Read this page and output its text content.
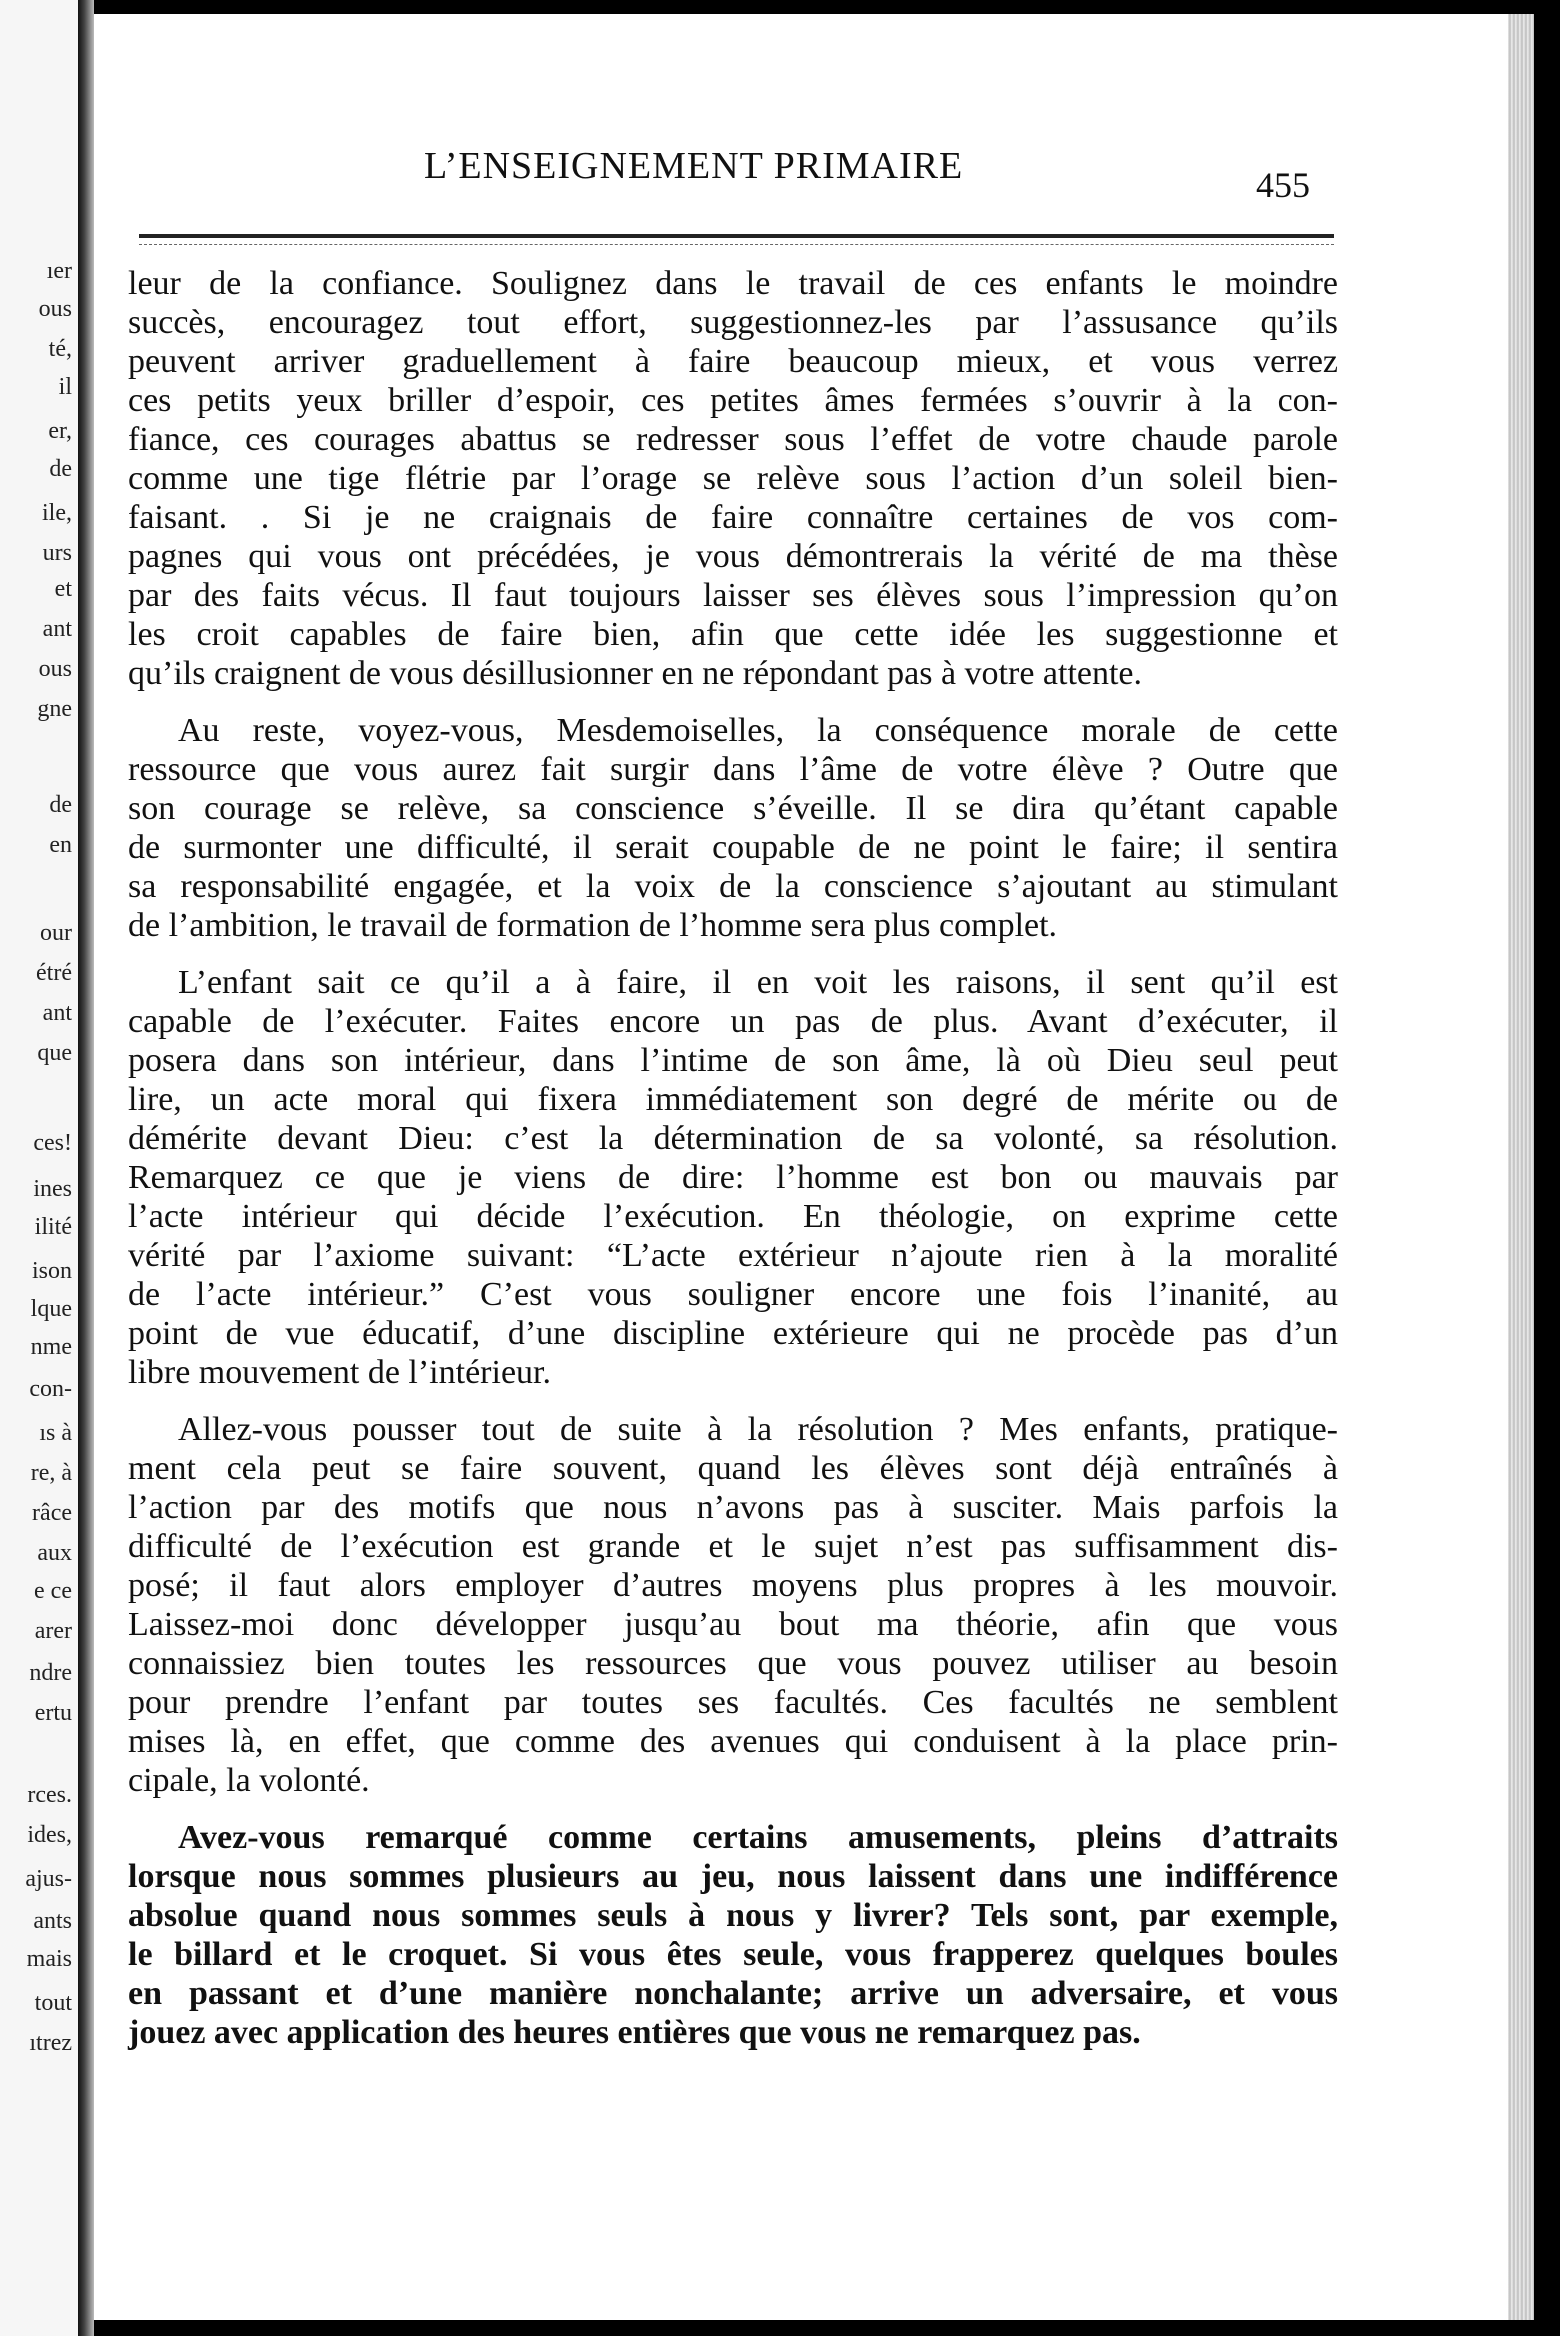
ıer
ous
té,
il
er,
de
ile,
urs
et
ant
ous
gne
de
en
our
étré
ant
que
ces!
ines
ilité
ison
lque
nme
con-
ıs à
re, à
râce
aux
e ce
arer
ndre
ertu
rces.
ides,
ajus-
ants
mais
tout
ıtrez
L’ENSEIGNEMENT PRIMAIRE	455
leur de la confiance. Soulignez dans le travail de ces enfants le moindre
succès, encouragez tout effort, suggestionnez-les par l’assusance qu’ils
peuvent arriver graduellement à faire beaucoup mieux, et vous verrez
ces petits yeux briller d’espoir, ces petites âmes fermées s’ouvrir à la con-
fiance, ces courages abattus se redresser sous l’effet de votre chaude parole
comme une tige flétrie par l’orage se relève sous l’action d’un soleil bien-
faisant. . Si je ne craignais de faire connaître certaines de vos com-
pagnes qui vous ont précédées, je vous démontrerais la vérité de ma thèse
par des faits vécus. Il faut toujours laisser ses élèves sous l’impression qu’on
les croit capables de faire bien, afin que cette idée les suggestionne et
qu’ils craignent de vous désillusionner en ne répondant pas à votre attente.
Au reste, voyez-vous, Mesdemoiselles, la conséquence morale de cette
ressource que vous aurez fait surgir dans l’âme de votre élève ? Outre que
son courage se relève, sa conscience s’éveille. Il se dira qu’étant capable
de surmonter une difficulté, il serait coupable de ne point le faire; il sentira
sa responsabilité engagée, et la voix de la conscience s’ajoutant au stimulant
de l’ambition, le travail de formation de l’homme sera plus complet.
L’enfant sait ce qu’il a à faire, il en voit les raisons, il sent qu’il est
capable de l’exécuter. Faites encore un pas de plus. Avant d’exécuter, il
posera dans son intérieur, dans l’intime de son âme, là où Dieu seul peut
lire, un acte moral qui fixera immédiatement son degré de mérite ou de
démérite devant Dieu: c’est la détermination de sa volonté, sa résolution.
Remarquez ce que je viens de dire: l’homme est bon ou mauvais par
l’acte intérieur qui décide l’exécution. En théologie, on exprime cette
vérité par l’axiome suivant: “L’acte extérieur n’ajoute rien à la moralité
de l’acte intérieur.” C’est vous souligner encore une fois l’inanité, au
point de vue éducatif, d’une discipline extérieure qui ne procède pas d’un
libre mouvement de l’intérieur.
Allez-vous pousser tout de suite à la résolution ? Mes enfants, pratique-
ment cela peut se faire souvent, quand les élèves sont déjà entraînés à
l’action par des motifs que nous n’avons pas à susciter. Mais parfois la
difficulté de l’exécution est grande et le sujet n’est pas suffisamment dis-
posé; il faut alors employer d’autres moyens plus propres à les mouvoir.
Laissez-moi donc développer jusqu’au bout ma théorie, afin que vous
connaissiez bien toutes les ressources que vous pouvez utiliser au besoin
pour prendre l’enfant par toutes ses facultés. Ces facultés ne semblent
mises là, en effet, que comme des avenues qui conduisent à la place prin-
cipale, la volonté.
Avez-vous remarqué comme certains amusements, pleins d’attraits
lorsque nous sommes plusieurs au jeu, nous laissent dans une indifférence
absolue quand nous sommes seuls à nous y livrer? Tels sont, par exemple,
le billard et le croquet. Si vous êtes seule, vous frapperez quelques boules
en passant et d’une manière nonchalante; arrive un adversaire, et vous
jouez avec application des heures entières que vous ne remarquez pas.
